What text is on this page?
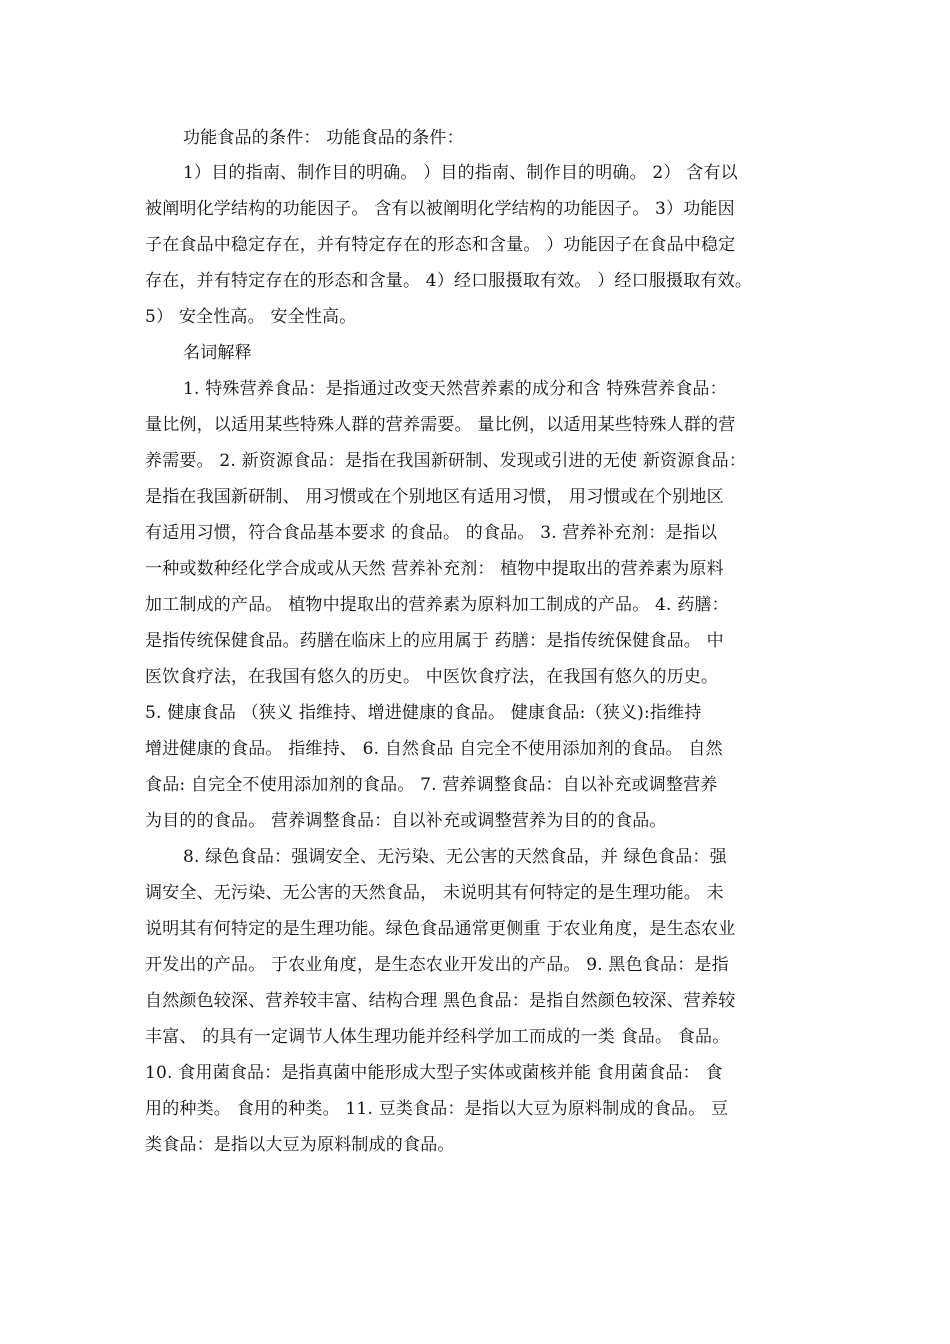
功能食品的条件： 功能食品的条件：
1）目的指南、制作目的明确。 ）目的指南、制作目的明确。 2） 含有以
被阐明化学结构的功能因子。 含有以被阐明化学结构的功能因子。 3）功能因
子在食品中稳定存在，并有特定存在的形态和含量。 ）功能因子在食品中稳定
存在，并有特定存在的形态和含量。 4）经口服摄取有效。 ）经口服摄取有效。
5） 安全性高。 安全性高。
名词解释
1. 特殊营养食品：是指通过改变天然营养素的成分和含 特殊营养食品：
量比例，以适用某些特殊人群的营养需要。 量比例，以适用某些特殊人群的营
养需要。 2. 新资源食品：是指在我国新研制、发现或引进的无使 新资源食品：
是指在我国新研制、 用习惯或在个别地区有适用习惯， 用习惯或在个别地区
有适用习惯，符合食品基本要求 的食品。 的食品。 3. 营养补充剂：是指以
一种或数种经化学合成或从天然 营养补充剂： 植物中提取出的营养素为原料
加工制成的产品。 植物中提取出的营养素为原料加工制成的产品。 4. 药膳：
是指传统保健食品。药膳在临床上的应用属于 药膳：是指传统保健食品。 中
医饮食疗法，在我国有悠久的历史。 中医饮食疗法，在我国有悠久的历史。
5. 健康食品 （狭义 指维持、增进健康的食品。 健康食品:（狭义):指维持
增进健康的食品。 指维持、 6. 自然食品 自完全不使用添加剂的食品。 自然
食品: 自完全不使用添加剂的食品。 7. 营养调整食品：自以补充或调整营养
为目的的食品。 营养调整食品：自以补充或调整营养为目的的食品。
8. 绿色食品：强调安全、无污染、无公害的天然食品，并 绿色食品：强
调安全、无污染、无公害的天然食品， 未说明其有何特定的是生理功能。 未
说明其有何特定的是生理功能。绿色食品通常更侧重 于农业角度，是生态农业
开发出的产品。 于农业角度，是生态农业开发出的产品。 9. 黑色食品：是指
自然颜色较深、营养较丰富、结构合理 黑色食品：是指自然颜色较深、营养较
丰富、 的具有一定调节人体生理功能并经科学加工而成的一类 食品。 食品。
10. 食用菌食品：是指真菌中能形成大型子实体或菌核并能 食用菌食品： 食
用的种类。 食用的种类。 11. 豆类食品：是指以大豆为原料制成的食品。 豆
类食品：是指以大豆为原料制成的食品。
